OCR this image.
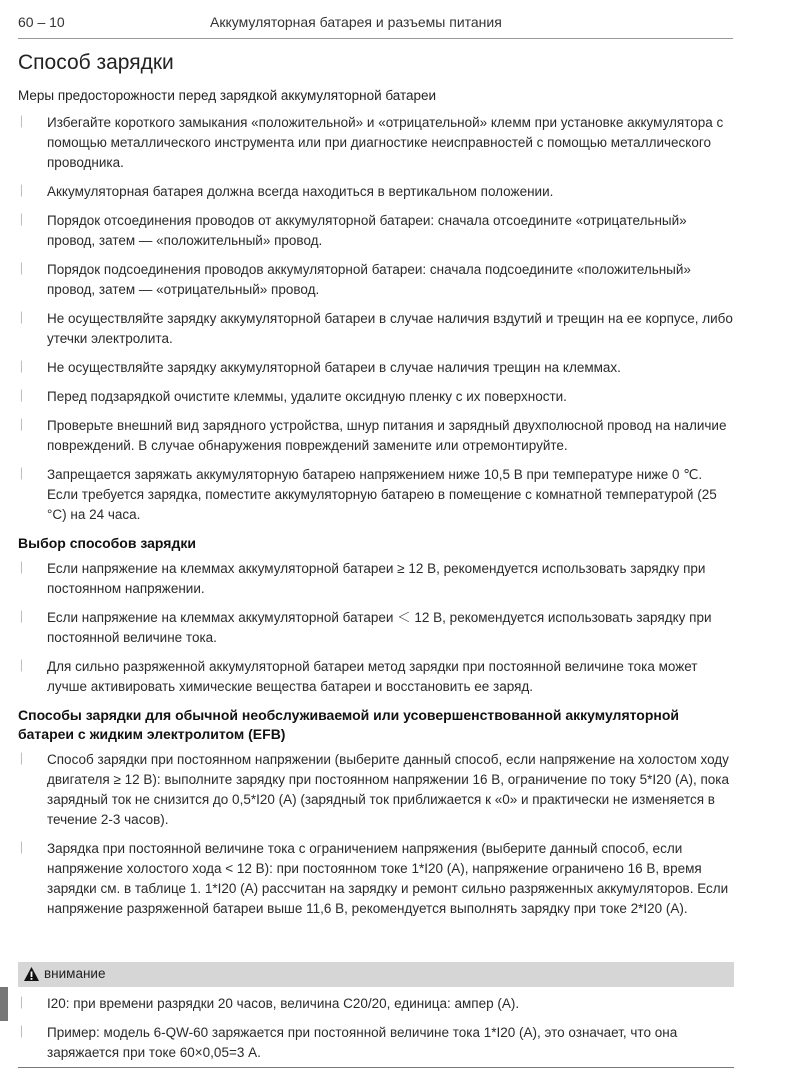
60 – 10	Аккумуляторная батарея и разъемы питания
Способ зарядки
Меры предосторожности перед зарядкой аккумуляторной батареи
▏ Избегайте короткого замыкания «положительной» и «отрицательной» клемм при установке аккумулятора с помощью металлического инструмента или при диагностике неисправностей с помощью металлического проводника.
▏ Аккумуляторная батарея должна всегда находиться в вертикальном положении.
▏ Порядок отсоединения проводов от аккумуляторной батареи: сначала отсоедините «отрицательный» провод, затем — «положительный» провод.
▏ Порядок подсоединения проводов аккумуляторной батареи: сначала подсоедините «положительный» провод, затем — «отрицательный» провод.
▏ Не осуществляйте зарядку аккумуляторной батареи в случае наличия вздутий и трещин на ее корпусе, либо утечки электролита.
▏ Не осуществляйте зарядку аккумуляторной батареи в случае наличия трещин на клеммах.
▏ Перед подзарядкой очистите клеммы, удалите оксидную пленку с их поверхности.
▏ Проверьте внешний вид зарядного устройства, шнур питания и зарядный двухполюсной провод на наличие повреждений. В случае обнаружения повреждений замените или отремонтируйте.
▏ Запрещается заряжать аккумуляторную батарею напряжением ниже 10,5 В при температуре ниже 0 ℃. Если требуется зарядка, поместите аккумуляторную батарею в помещение с комнатной температурой (25 °С) на 24 часа.
Выбор способов зарядки
▏ Если напряжение на клеммах аккумуляторной батареи ≥ 12 В, рекомендуется использовать зарядку при постоянном напряжении.
▏ Если напряжение на клеммах аккумуляторной батареи ＜ 12 В, рекомендуется использовать зарядку при постоянной величине тока.
▏ Для сильно разряженной аккумуляторной батареи метод зарядки при постоянной величине тока может лучше активировать химические вещества батареи и восстановить ее заряд.
Способы зарядки для обычной необслуживаемой или усовершенствованной аккумуляторной батареи с жидким электролитом (EFB)
▏ Способ зарядки при постоянном напряжении (выберите данный способ, если напряжение на холостом ходу двигателя ≥ 12 В): выполните зарядку при постоянном напряжении 16 В, ограничение по току 5*I20 (А), пока зарядный ток не снизится до 0,5*I20 (А) (зарядный ток приближается к «0» и практически не изменяется в течение 2-3 часов).
▏ Зарядка при постоянной величине тока с ограничением напряжения (выберите данный способ, если напряжение холостого хода < 12 В): при постоянном токе 1*I20 (А), напряжение ограничено 16 В, время зарядки см. в таблице 1. 1*I20 (А) рассчитан на зарядку и ремонт сильно разряженных аккумуляторов. Если напряжение разряженной батареи выше 11,6 В, рекомендуется выполнять зарядку при токе 2*I20 (А).
внимание
▏ I20: при времени разрядки 20 часов, величина С20/20, единица: ампер (А).
▏ Пример: модель 6-QW-60 заряжается при постоянной величине тока 1*I20 (А), это означает, что она заряжается при токе 60×0,05=3 А.
